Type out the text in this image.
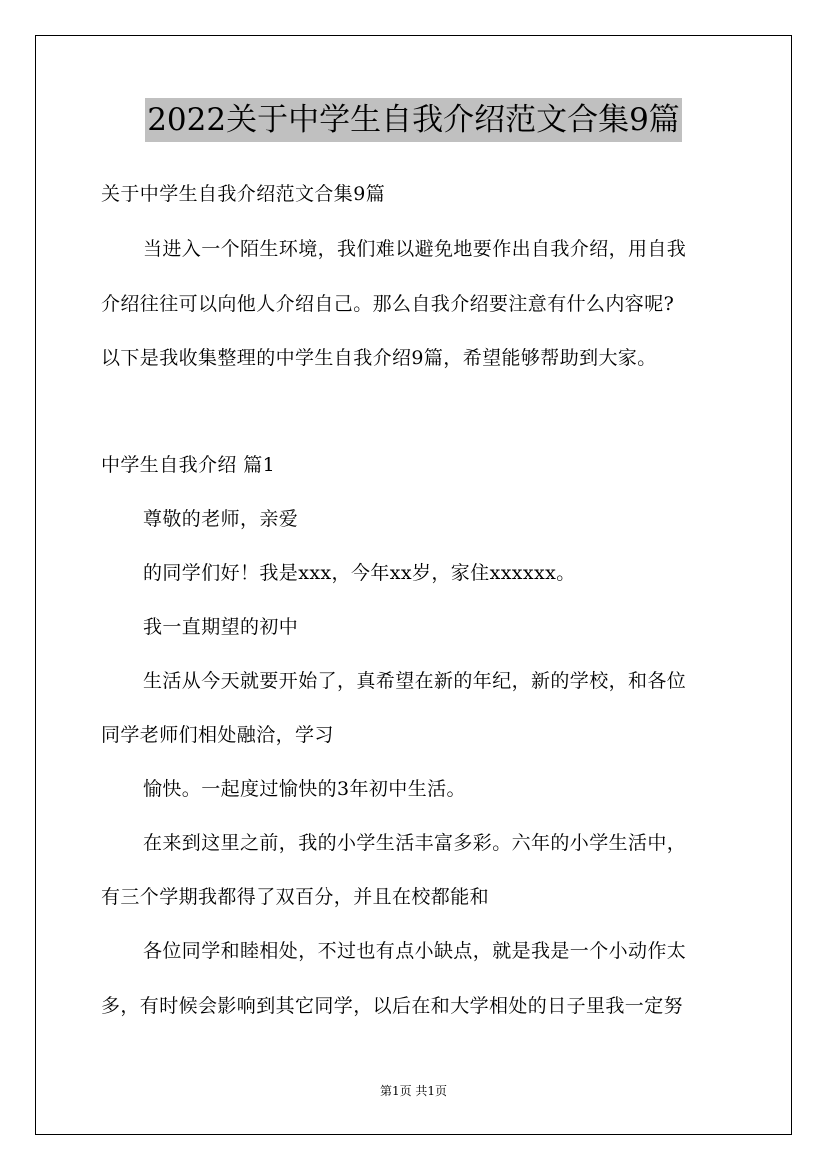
2022关于中学生自我介绍范文合集9篇
关于中学生自我介绍范文合集9篇
当进入一个陌生环境，我们难以避免地要作出自我介绍，用自我
介绍往往可以向他人介绍自己。那么自我介绍要注意有什么内容呢?
以下是我收集整理的中学生自我介绍9篇，希望能够帮助到大家。
中学生自我介绍 篇1
尊敬的老师，亲爱
的同学们好！我是xxx，今年xx岁，家住xxxxxx。
我一直期望的初中
生活从今天就要开始了，真希望在新的年纪，新的学校，和各位
同学老师们相处融洽，学习
愉快。一起度过愉快的3年初中生活。
在来到这里之前，我的小学生活丰富多彩。六年的小学生活中，
有三个学期我都得了双百分，并且在校都能和
各位同学和睦相处，不过也有点小缺点，就是我是一个小动作太
多，有时候会影响到其它同学，以后在和大学相处的日子里我一定努
第1页 共1页
